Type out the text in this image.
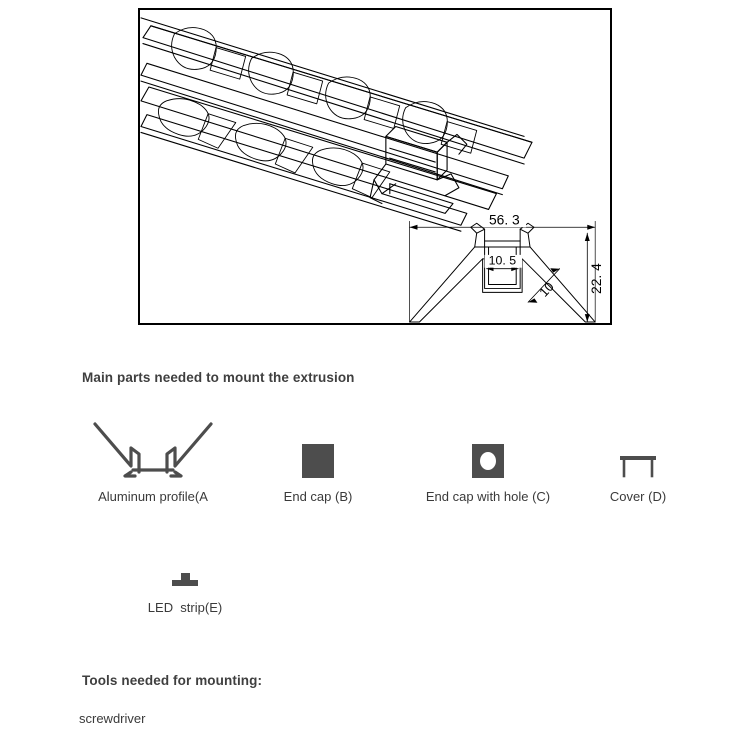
56. 3
10. 5
22. 4
10
Main parts needed to mount the extrusion
Aluminum profile(A	End cap (B)	End cap with hole (C)	Cover (D)
LED  strip(E)
Tools needed for mounting:
screwdriver
